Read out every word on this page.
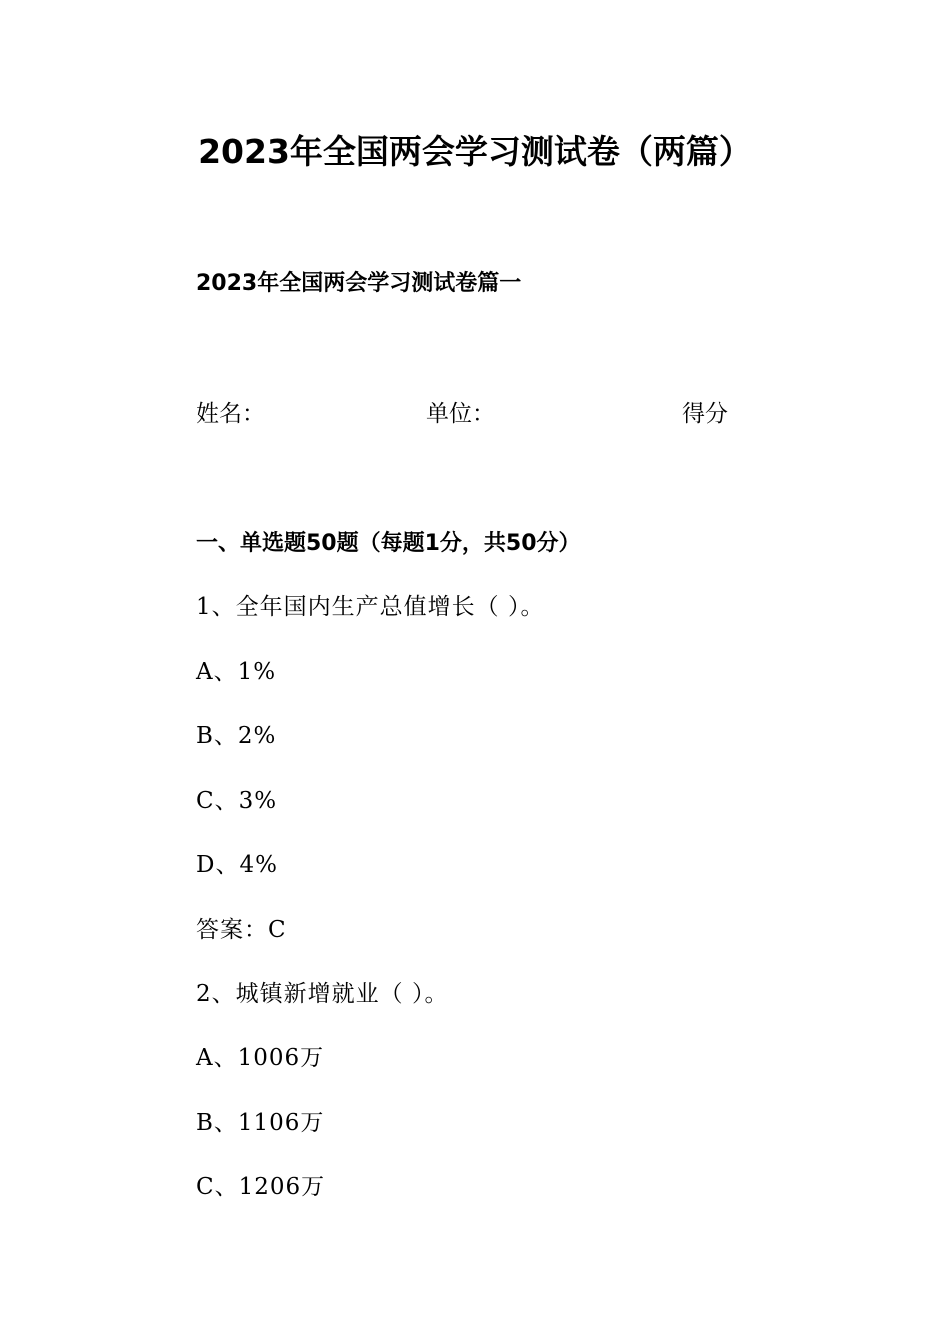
2023年全国两会学习测试卷（两篇）
2023年全国两会学习测试卷篇一
姓名：	单位：	得分
一、单选题50题（每题1分，共50分）
1、全年国内生产总值增长（ ）。
A、1%
B、2%
C、3%
D、4%
答案：C
2、城镇新增就业（ ）。
A、1006万
B、1106万
C、1206万
